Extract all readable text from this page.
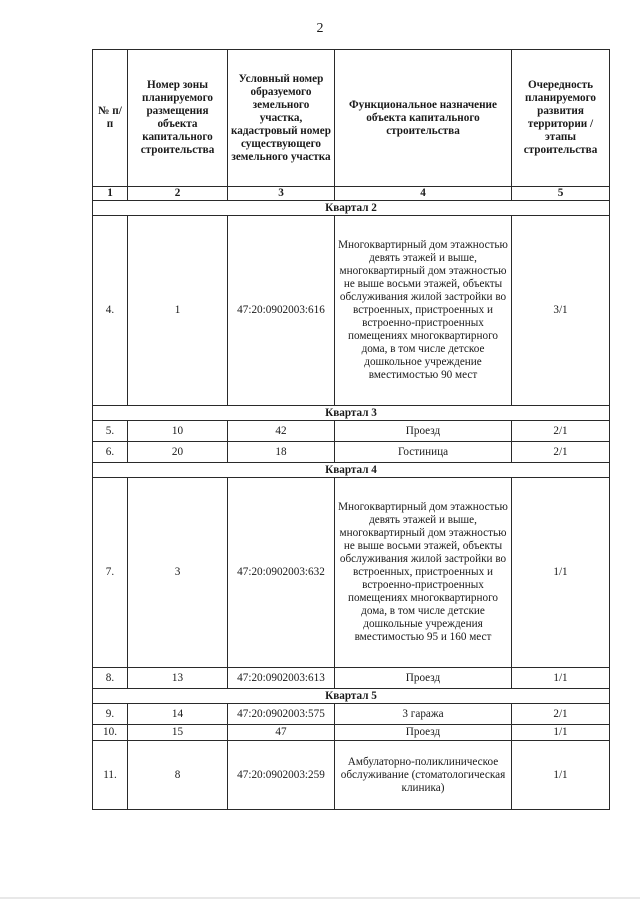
2
№ п/п	Номер зоны планируемого размещения объекта капитального строительства	Условный номер образуемого земельного участка, кадастровый номер существующего земельного участка	Функциональное назначение объекта капитального строительства	Очередность планируемого развития территории / этапы строительства
1	2	3	4	5
Квартал 2				
4.	1	47:20:0902003:616	Многоквартирный дом этажностью девять этажей и выше, многоквартирный дом этажностью не выше восьми этажей, объекты обслуживания жилой застройки во встроенных, пристроенных и встроенно-пристроенных помещениях многоквартирного дома, в том числе детское дошкольное учреждение вместимостью 90 мест	3/1
Квартал 3				
5.	10	42	Проезд	2/1
6.	20	18	Гостиница	2/1
Квартал 4				
7.	3	47:20:0902003:632	Многоквартирный дом этажностью девять этажей и выше, многоквартирный дом этажностью не выше восьми этажей, объекты обслуживания жилой застройки во встроенных, пристроенных и встроенно-пристроенных помещениях многоквартирного дома, в том числе детские дошкольные учреждения вместимостью 95 и 160 мест	1/1
8.	13	47:20:0902003:613	Проезд	1/1
Квартал 5				
9.	14	47:20:0902003:575	3 гаража	2/1
10.	15	47	Проезд	1/1
11.	8	47:20:0902003:259	Амбулаторно-поликлиническое обслуживание (стоматологическая клиника)	1/1
